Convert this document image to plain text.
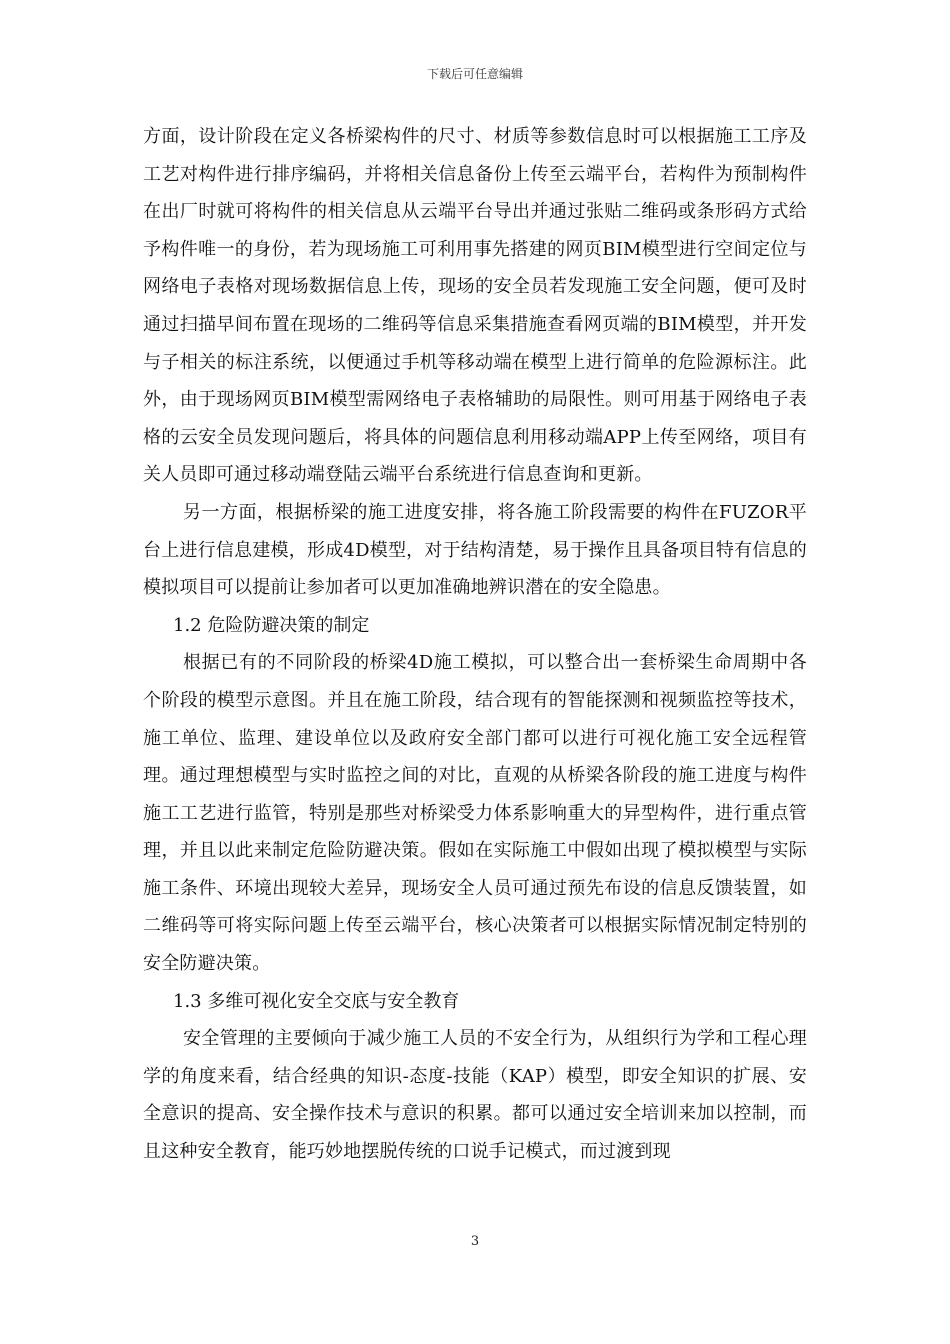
下载后可任意编辑

方面，设计阶段在定义各桥梁构件的尺寸、材质等参数信息时可以根据施工工序及工艺对构件进行排序编码，并将相关信息备份上传至云端平台，若构件为预制构件在出厂时就可将构件的相关信息从云端平台导出并通过张贴二维码或条形码方式给予构件唯一的身份，若为现场施工可利用事先搭建的网页BIM模型进行空间定位与网络电子表格对现场数据信息上传，现场的安全员若发现施工安全问题，便可及时通过扫描早间布置在现场的二维码等信息采集措施查看网页端的BIM模型，并开发与子相关的标注系统，以便通过手机等移动端在模型上进行简单的危险源标注。此外，由于现场网页BIM模型需网络电子表格辅助的局限性。则可用基于网络电子表格的云安全员发现问题后，将具体的问题信息利用移动端APP上传至网络，项目有关人员即可通过移动端登陆云端平台系统进行信息查询和更新。

另一方面，根据桥梁的施工进度安排，将各施工阶段需要的构件在FUZOR平台上进行信息建模，形成4D模型，对于结构清楚，易于操作且具备项目特有信息的模拟项目可以提前让参加者可以更加准确地辨识潜在的安全隐患。

1.2 危险防避决策的制定

根据已有的不同阶段的桥梁4D施工模拟，可以整合出一套桥梁生命周期中各个阶段的模型示意图。并且在施工阶段，结合现有的智能探测和视频监控等技术，施工单位、监理、建设单位以及政府安全部门都可以进行可视化施工安全远程管理。通过理想模型与实时监控之间的对比，直观的从桥梁各阶段的施工进度与构件施工工艺进行监管，特别是那些对桥梁受力体系影响重大的异型构件，进行重点管理，并且以此来制定危险防避决策。假如在实际施工中假如出现了模拟模型与实际施工条件、环境出现较大差异，现场安全人员可通过预先布设的信息反馈装置，如二维码等可将实际问题上传至云端平台，核心决策者可以根据实际情况制定特别的安全防避决策。

1.3 多维可视化安全交底与安全教育

安全管理的主要倾向于减少施工人员的不安全行为，从组织行为学和工程心理学的角度来看，结合经典的知识-态度-技能（KAP）模型，即安全知识的扩展、安全意识的提高、安全操作技术与意识的积累。都可以通过安全培训来加以控制，而且这种安全教育，能巧妙地摆脱传统的口说手记模式，而过渡到现

3
